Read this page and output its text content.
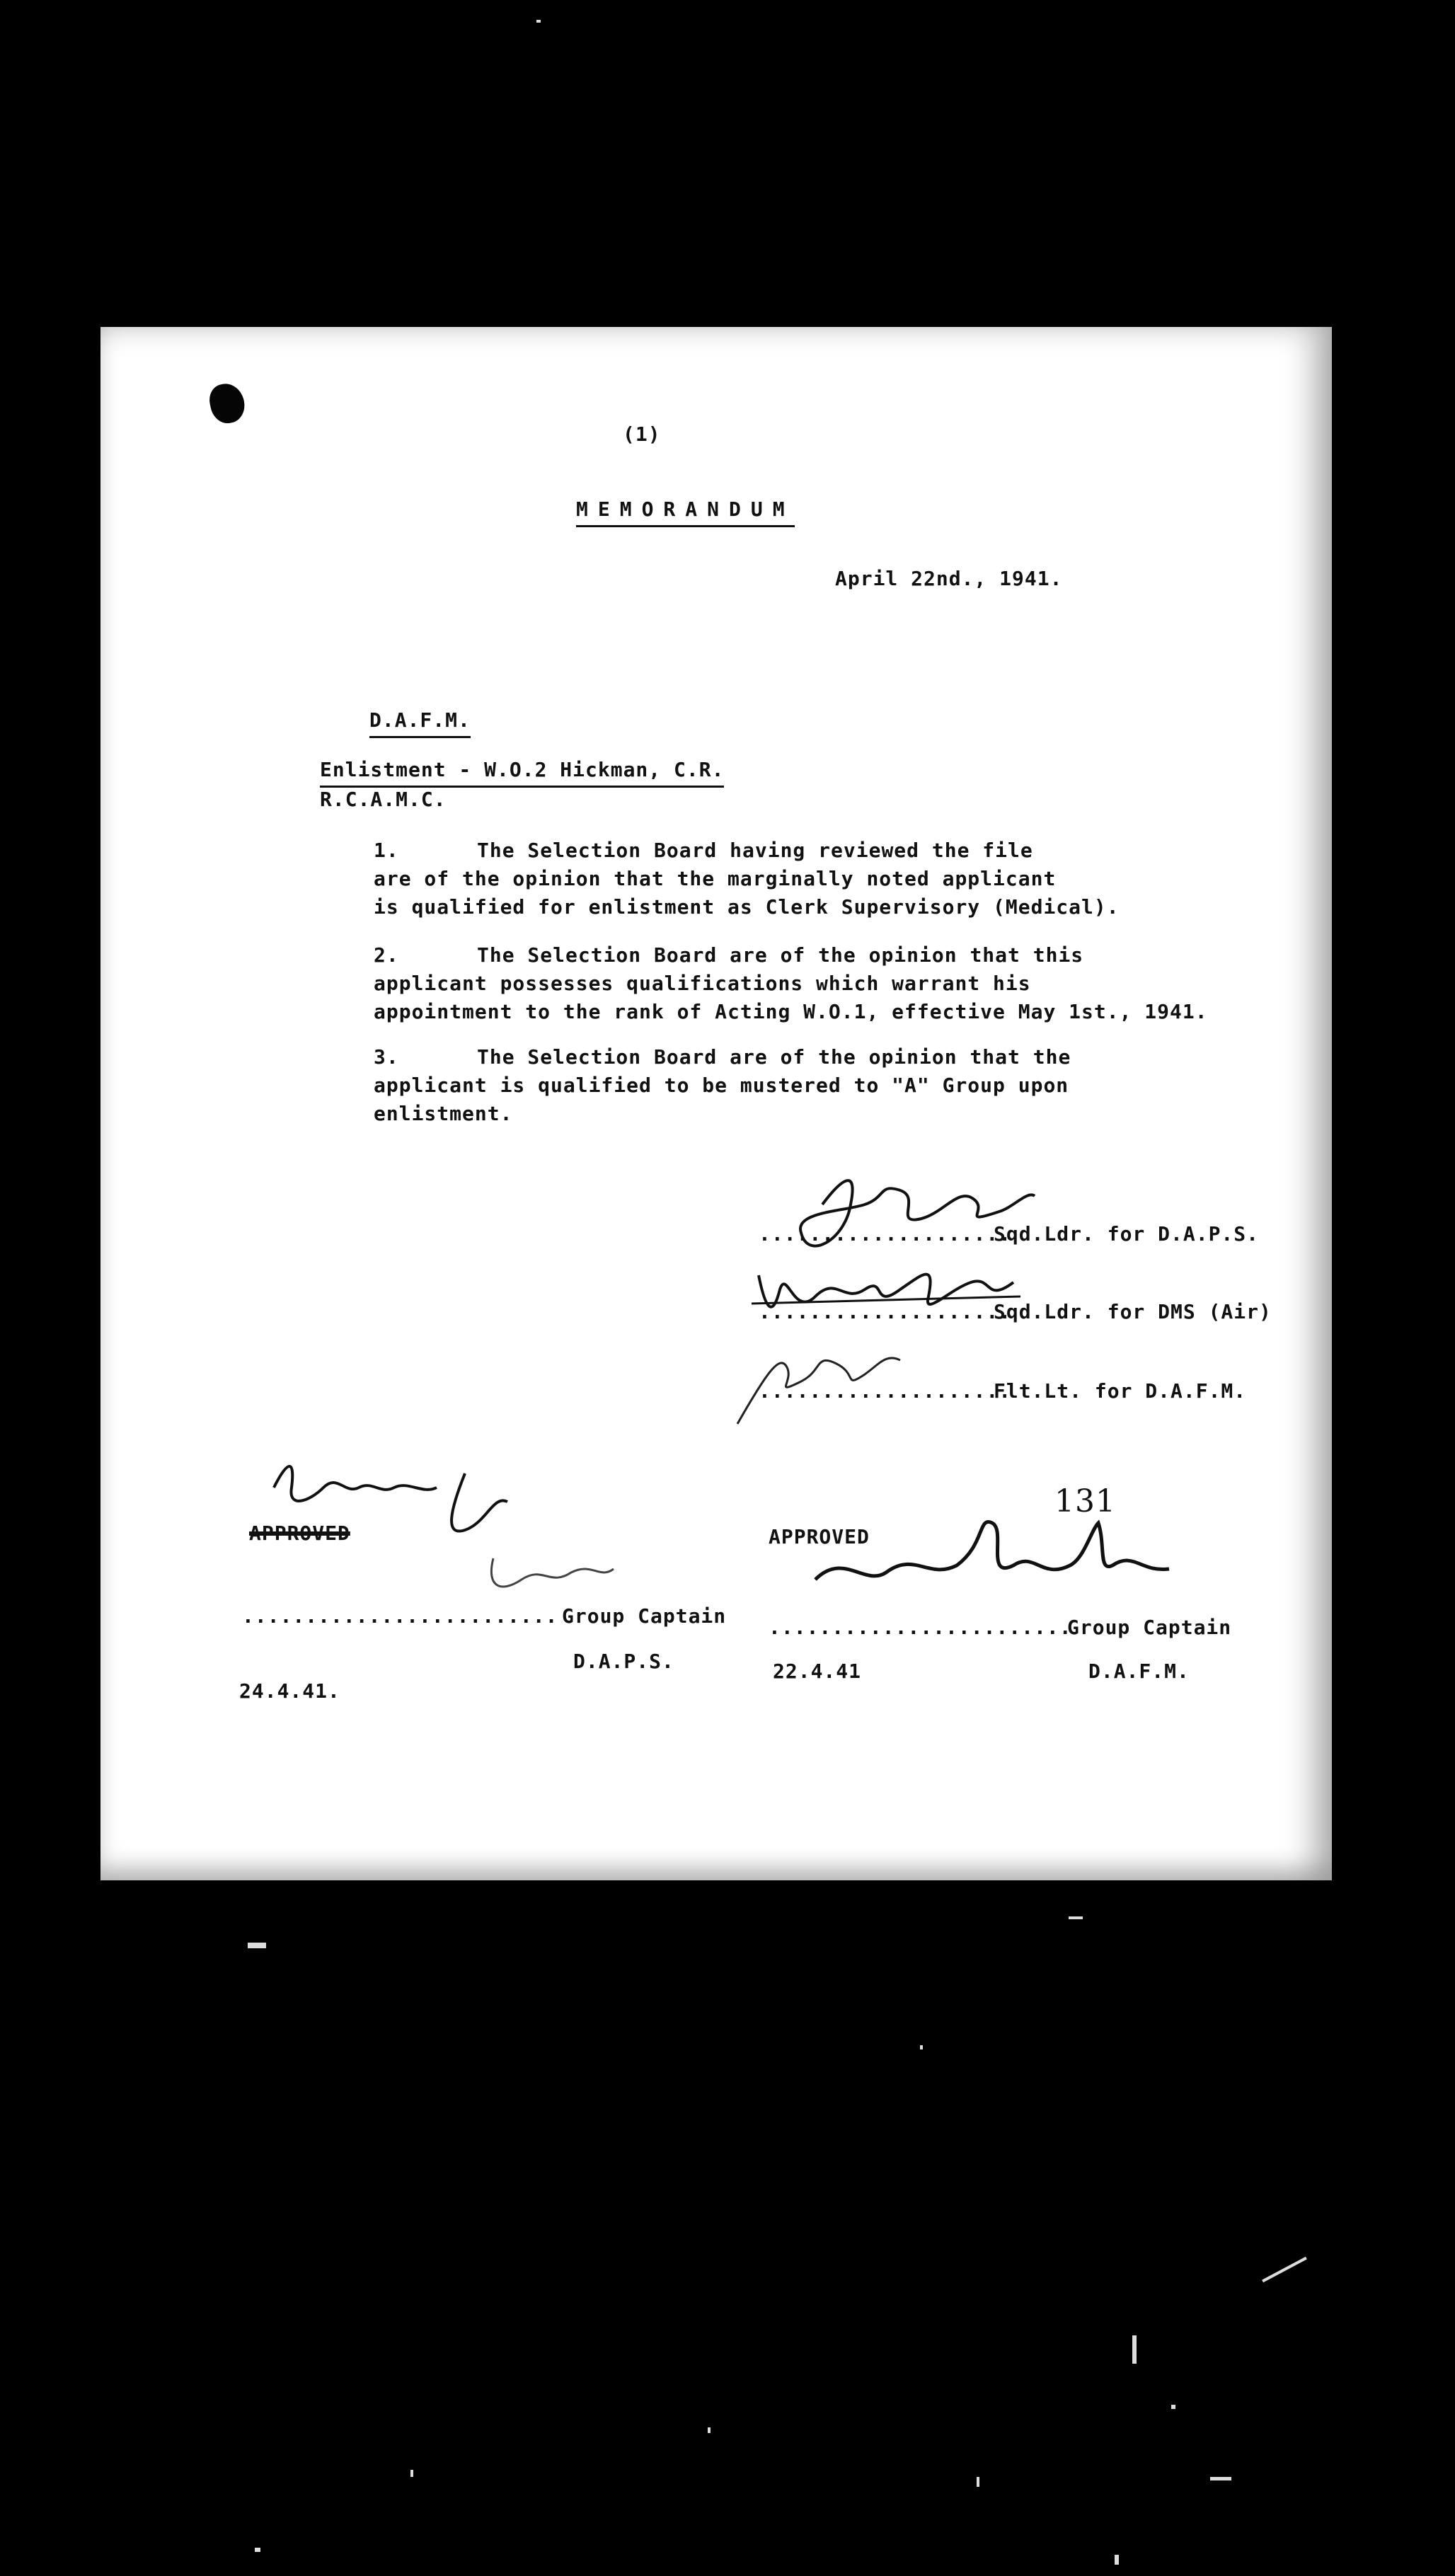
(1)
MEMORANDUM
April 22nd., 1941.
D.A.F.M.
Enlistment - W.O.2 Hickman, C.R.
R.C.A.M.C.
1.	The Selection Board having reviewed the file
are of the opinion that the marginally noted applicant
is qualified for enlistment as Clerk Supervisory (Medical).
2.	The Selection Board are of the opinion that this
applicant possesses qualifications which warrant his
appointment to the rank of Acting W.O.1, effective May 1st., 1941.
3.	The Selection Board are of the opinion that the
applicant is qualified to be mustered to "A" Group upon
enlistment.
....................
Sqd.Ldr. for D.A.P.S.
....................
Sqd.Ldr. for DMS (Air)
....................
Flt.Lt. for D.A.F.M.
APPROVED
......................... Group Captain
D.A.P.S.
24.4.41.
APPROVED
131
........................
Group Captain
22.4.41	D.A.F.M.
